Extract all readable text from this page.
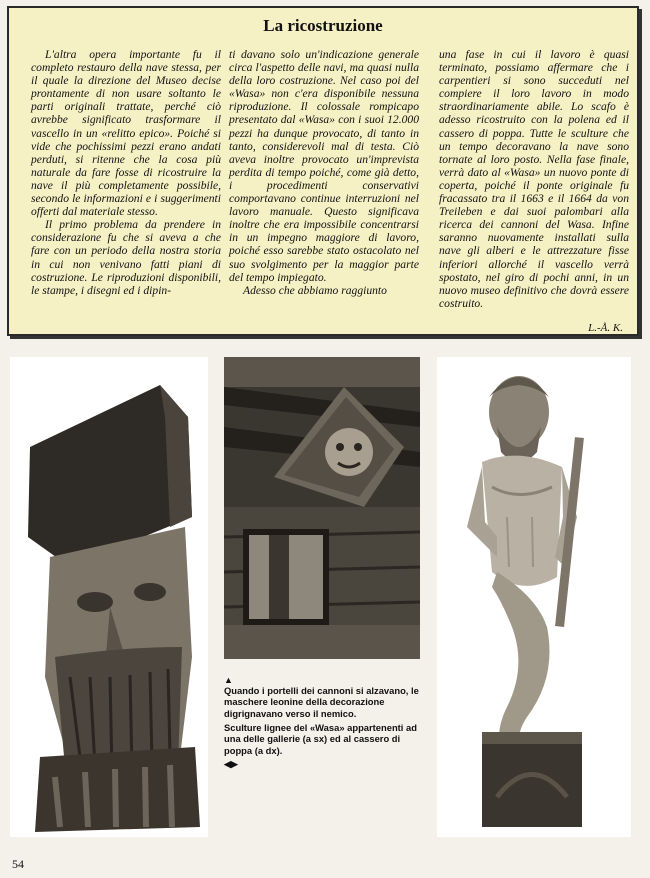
La ricostruzione

L'altra opera importante fu il completo restauro della nave stessa, per il quale la direzione del Museo decise prontamente di non usare soltanto le parti originali trattate, perché ciò avrebbe significato trasformare il vascello in un «relitto epico». Poiché si vide che pochissimi pezzi erano andati perduti, si ritenne che la cosa più naturale da fare fosse di ricostruire la nave il più completamente possibile, secondo le informazioni e i suggerimenti offerti dal materiale stesso.

Il primo problema da prendere in considerazione fu che si aveva a che fare con un periodo della nostra storia in cui non venivano fatti piani di costruzione. Le riproduzioni disponibili, le stampe, i disegni ed i dipin-

ti davano solo un'indicazione generale circa l'aspetto delle navi, ma quasi nulla della loro costruzione. Nel caso poi del «Wasa» non c'era disponibile nessuna riproduzione. Il colossale rompicapo presentato dal «Wasa» con i suoi 12.000 pezzi ha dunque provocato, di tanto in tanto, considerevoli mal di testa. Ciò aveva inoltre provocato un'imprevista perdita di tempo poiché, come già detto, i procedimenti conservativi comportavano continue interruzioni nel lavoro manuale. Questo significava inoltre che era impossibile concentrarsi in un impegno maggiore di lavoro, poiché esso sarebbe stato ostacolato nel suo svolgimento per la maggior parte del tempo impiegato.

Adesso che abbiamo raggiunto

una fase in cui il lavoro è quasi terminato, possiamo affermare che i carpentieri si sono succeduti nel compiere il loro lavoro in modo straordinariamente abile. Lo scafo è adesso ricostruito con la polena ed il cassero di poppa. Tutte le sculture che un tempo decoravano la nave sono tornate al loro posto. Nella fase finale, verrà dato al «Wasa» un nuovo ponte di coperta, poiché il ponte originale fu fracassato tra il 1663 e il 1664 da von Treileben e dai suoi palombari alla ricerca dei cannoni del Wasa. Infine saranno nuovamente installati sulla nave gli alberi e le attrezzature fisse inferiori allorché il vascello verrà spostato, nel giro di pochi anni, in un nuovo museo definitivo che dovrà essere costruito.

L.-Å. K.
▲
Quando i portelli dei cannoni si alzavano, le maschere leonine della decorazione digrignavano verso il nemico.
Sculture lignee del «Wasa» appartenenti ad una delle gallerie (a sx) ed al cassero di poppa (a dx).
◀▶
54
